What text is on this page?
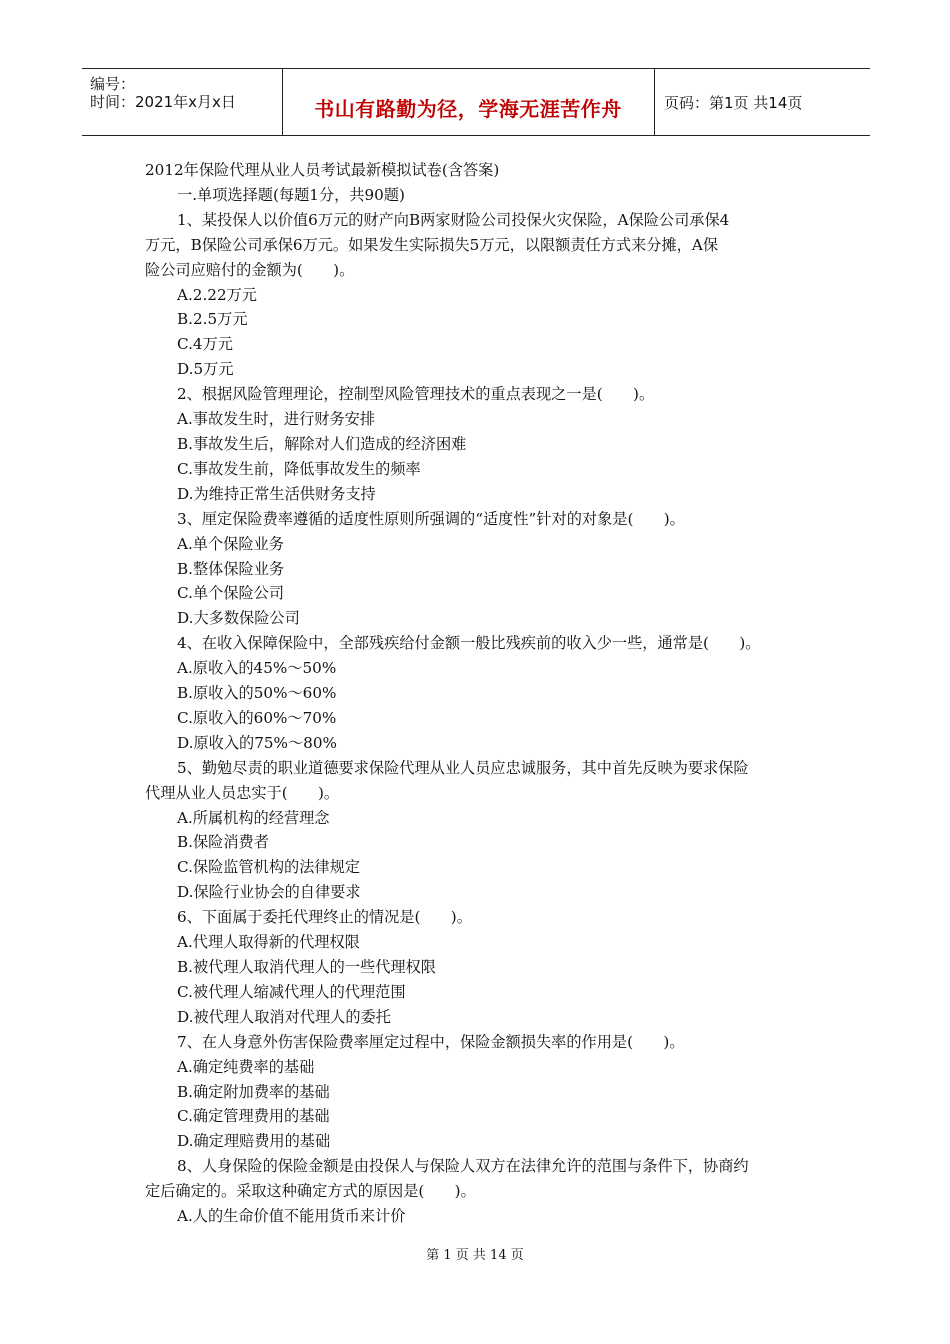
编号：
时间：2021年x月x日	书山有路勤为径，学海无涯苦作舟	页码：第1页 共14页

2012年保险代理从业人员考试最新模拟试卷(含答案)

一.单项选择题(每题1分，共90题)

1、某投保人以价值6万元的财产向B两家财险公司投保火灾保险，A保险公司承保4

万元，B保险公司承保6万元。如果发生实际损失5万元，以限额责任方式来分摊，A保

险公司应赔付的金额为(　　)。

A.2.22万元

B.2.5万元

C.4万元

D.5万元

2、根据风险管理理论，控制型风险管理技术的重点表现之一是(　　)。

A.事故发生时，进行财务安排

B.事故发生后，解除对人们造成的经济困难

C.事故发生前，降低事故发生的频率

D.为维持正常生活供财务支持

3、厘定保险费率遵循的适度性原则所强调的“适度性”针对的对象是(　　)。

A.单个保险业务

B.整体保险业务

C.单个保险公司

D.大多数保险公司

4、在收入保障保险中，全部残疾给付金额一般比残疾前的收入少一些，通常是(　　)。

A.原收入的45%～50%

B.原收入的50%～60%

C.原收入的60%～70%

D.原收入的75%～80%

5、勤勉尽责的职业道德要求保险代理从业人员应忠诚服务，其中首先反映为要求保险

代理从业人员忠实于(　　)。

A.所属机构的经营理念

B.保险消费者

C.保险监管机构的法律规定

D.保险行业协会的自律要求

6、下面属于委托代理终止的情况是(　　)。

A.代理人取得新的代理权限

B.被代理人取消代理人的一些代理权限

C.被代理人缩减代理人的代理范围

D.被代理人取消对代理人的委托

7、在人身意外伤害保险费率厘定过程中，保险金额损失率的作用是(　　)。

A.确定纯费率的基础

B.确定附加费率的基础

C.确定管理费用的基础

D.确定理赔费用的基础

8、人身保险的保险金额是由投保人与保险人双方在法律允许的范围与条件下，协商约

定后确定的。采取这种确定方式的原因是(　　)。

A.人的生命价值不能用货币来计价

第 1 页 共 14 页
